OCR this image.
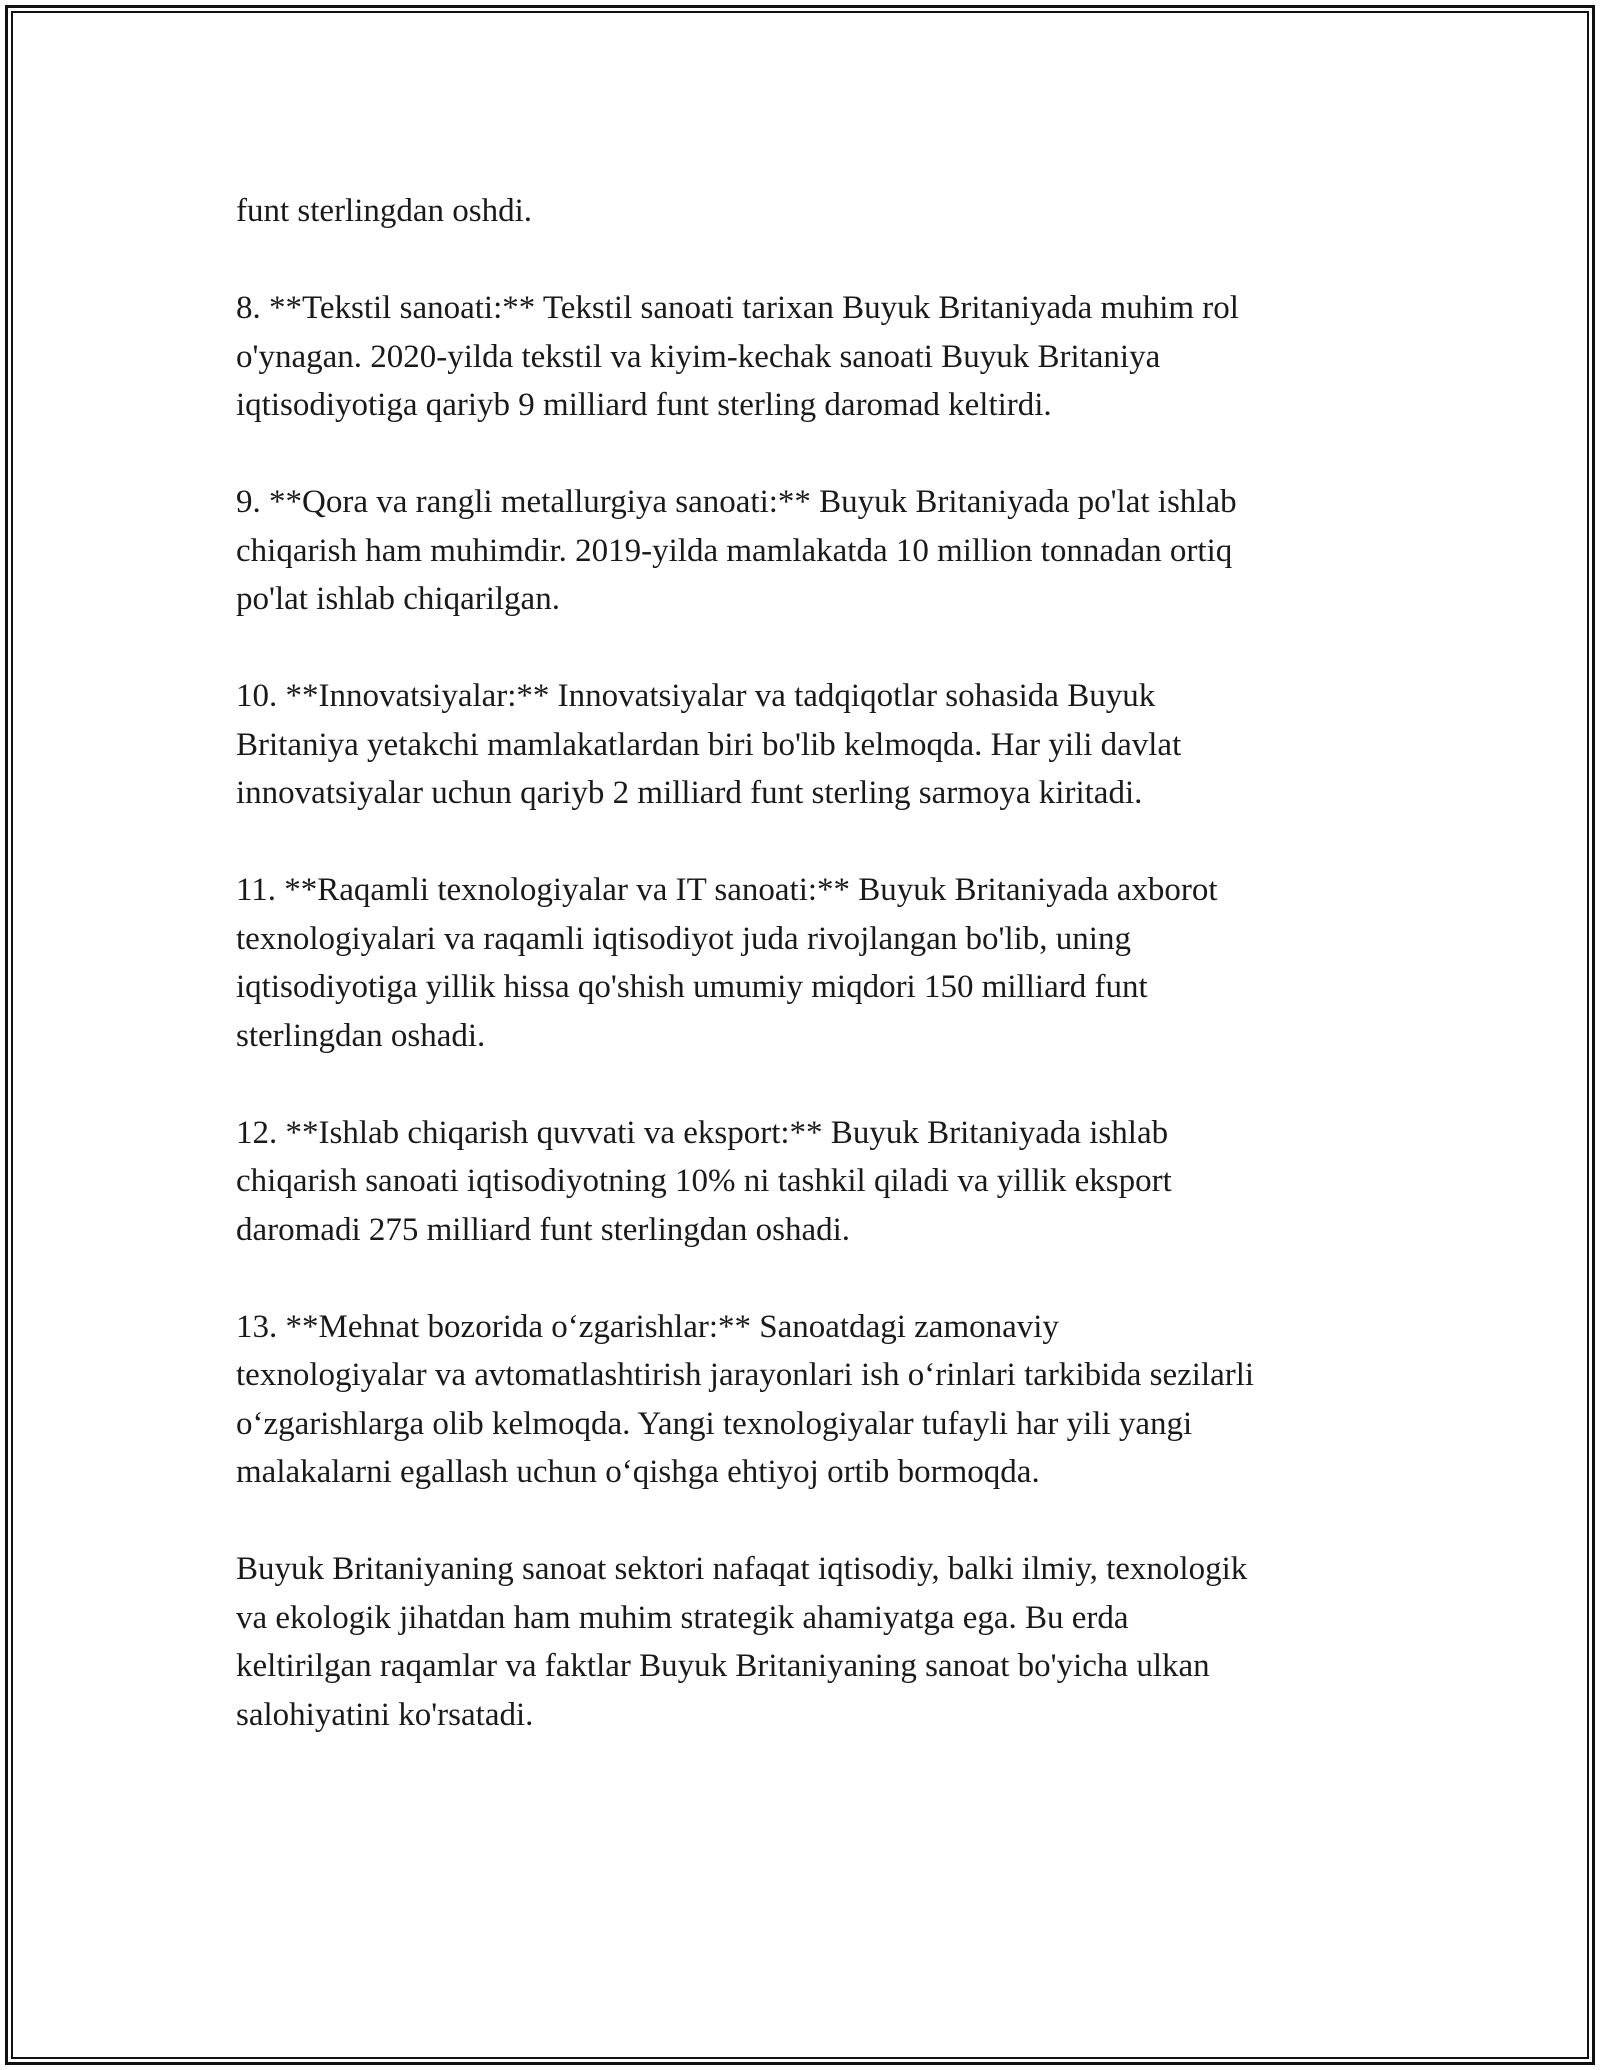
funt sterlingdan oshdi.

8. **Tekstil sanoati:** Tekstil sanoati tarixan Buyuk Britaniyada muhim rol
o'ynagan. 2020-yilda tekstil va kiyim-kechak sanoati Buyuk Britaniya
iqtisodiyotiga qariyb 9 milliard funt sterling daromad keltirdi.

9. **Qora va rangli metallurgiya sanoati:** Buyuk Britaniyada po'lat ishlab
chiqarish ham muhimdir. 2019-yilda mamlakatda 10 million tonnadan ortiq
po'lat ishlab chiqarilgan.

10. **Innovatsiyalar:** Innovatsiyalar va tadqiqotlar sohasida Buyuk
Britaniya yetakchi mamlakatlardan biri bo'lib kelmoqda. Har yili davlat
innovatsiyalar uchun qariyb 2 milliard funt sterling sarmoya kiritadi.

11. **Raqamli texnologiyalar va IT sanoati:** Buyuk Britaniyada axborot
texnologiyalari va raqamli iqtisodiyot juda rivojlangan bo'lib, uning
iqtisodiyotiga yillik hissa qo'shish umumiy miqdori 150 milliard funt
sterlingdan oshadi.

12. **Ishlab chiqarish quvvati va eksport:** Buyuk Britaniyada ishlab
chiqarish sanoati iqtisodiyotning 10% ni tashkil qiladi va yillik eksport
daromadi 275 milliard funt sterlingdan oshadi.

13. **Mehnat bozorida o‘zgarishlar:** Sanoatdagi zamonaviy
texnologiyalar va avtomatlashtirish jarayonlari ish o‘rinlari tarkibida sezilarli
o‘zgarishlarga olib kelmoqda. Yangi texnologiyalar tufayli har yili yangi
malakalarni egallash uchun o‘qishga ehtiyoj ortib bormoqda.

Buyuk Britaniyaning sanoat sektori nafaqat iqtisodiy, balki ilmiy, texnologik
va ekologik jihatdan ham muhim strategik ahamiyatga ega. Bu erda
keltirilgan raqamlar va faktlar Buyuk Britaniyaning sanoat bo'yicha ulkan
salohiyatini ko'rsatadi.
